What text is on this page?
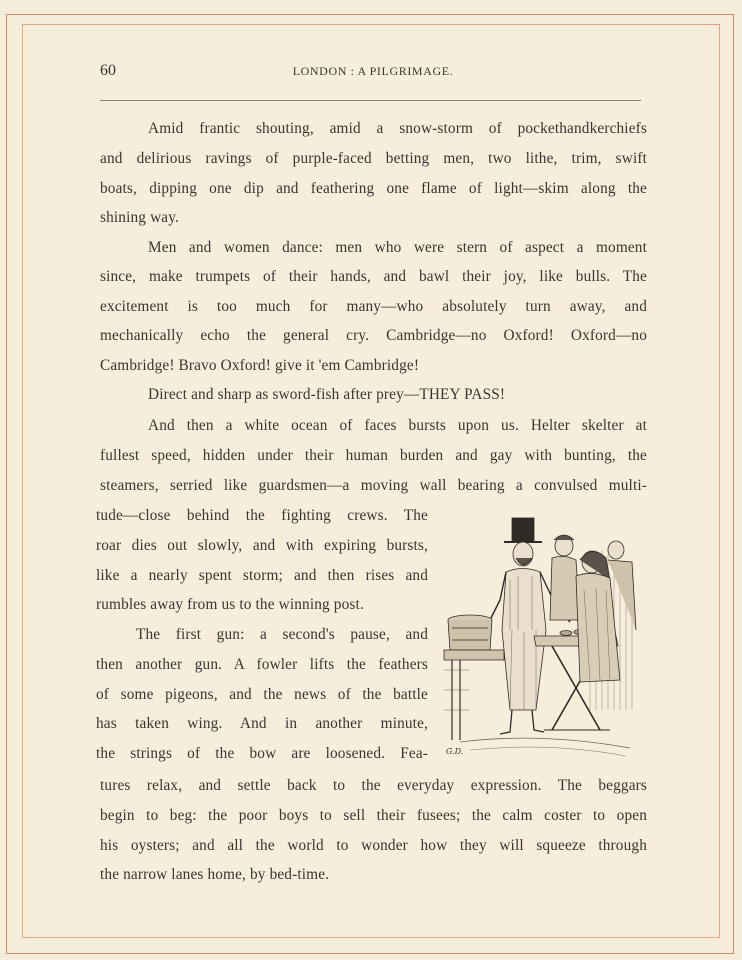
60	LONDON : A PILGRIMAGE.
Amid frantic shouting, amid a snow-storm of pockethandkerchiefs
and delirious ravings of purple-faced betting men, two lithe, trim, swift
boats, dipping one dip and feathering one flame of light—skim along the
shining way.
Men and women dance: men who were stern of aspect a moment
since, make trumpets of their hands, and bawl their joy, like bulls. The
excitement is too much for many—who absolutely turn away, and
mechanically echo the general cry. Cambridge—no Oxford! Oxford—no
Cambridge! Bravo Oxford! give it 'em Cambridge!
Direct and sharp as sword-fish after prey—THEY PASS!
And then a white ocean of faces bursts upon us. Helter skelter at
fullest speed, hidden under their human burden and gay with bunting, the
steamers, serried like guardsmen—a moving wall bearing a convulsed multi-
tude—close behind the fighting crews. The
roar dies out slowly, and with expiring bursts,
like a nearly spent storm; and then rises and
rumbles away from us to the winning post.
The first gun: a second's pause, and
then another gun. A fowler lifts the feathers
of some pigeons, and the news of the battle
has taken wing. And in another minute,
the strings of the bow are loosened. Fea-
tures relax, and settle back to the everyday expression. The beggars
begin to beg: the poor boys to sell their fusees; the calm coster to open
his oysters; and all the world to wonder how they will squeeze through
the narrow lanes home, by bed-time.
G.D.
